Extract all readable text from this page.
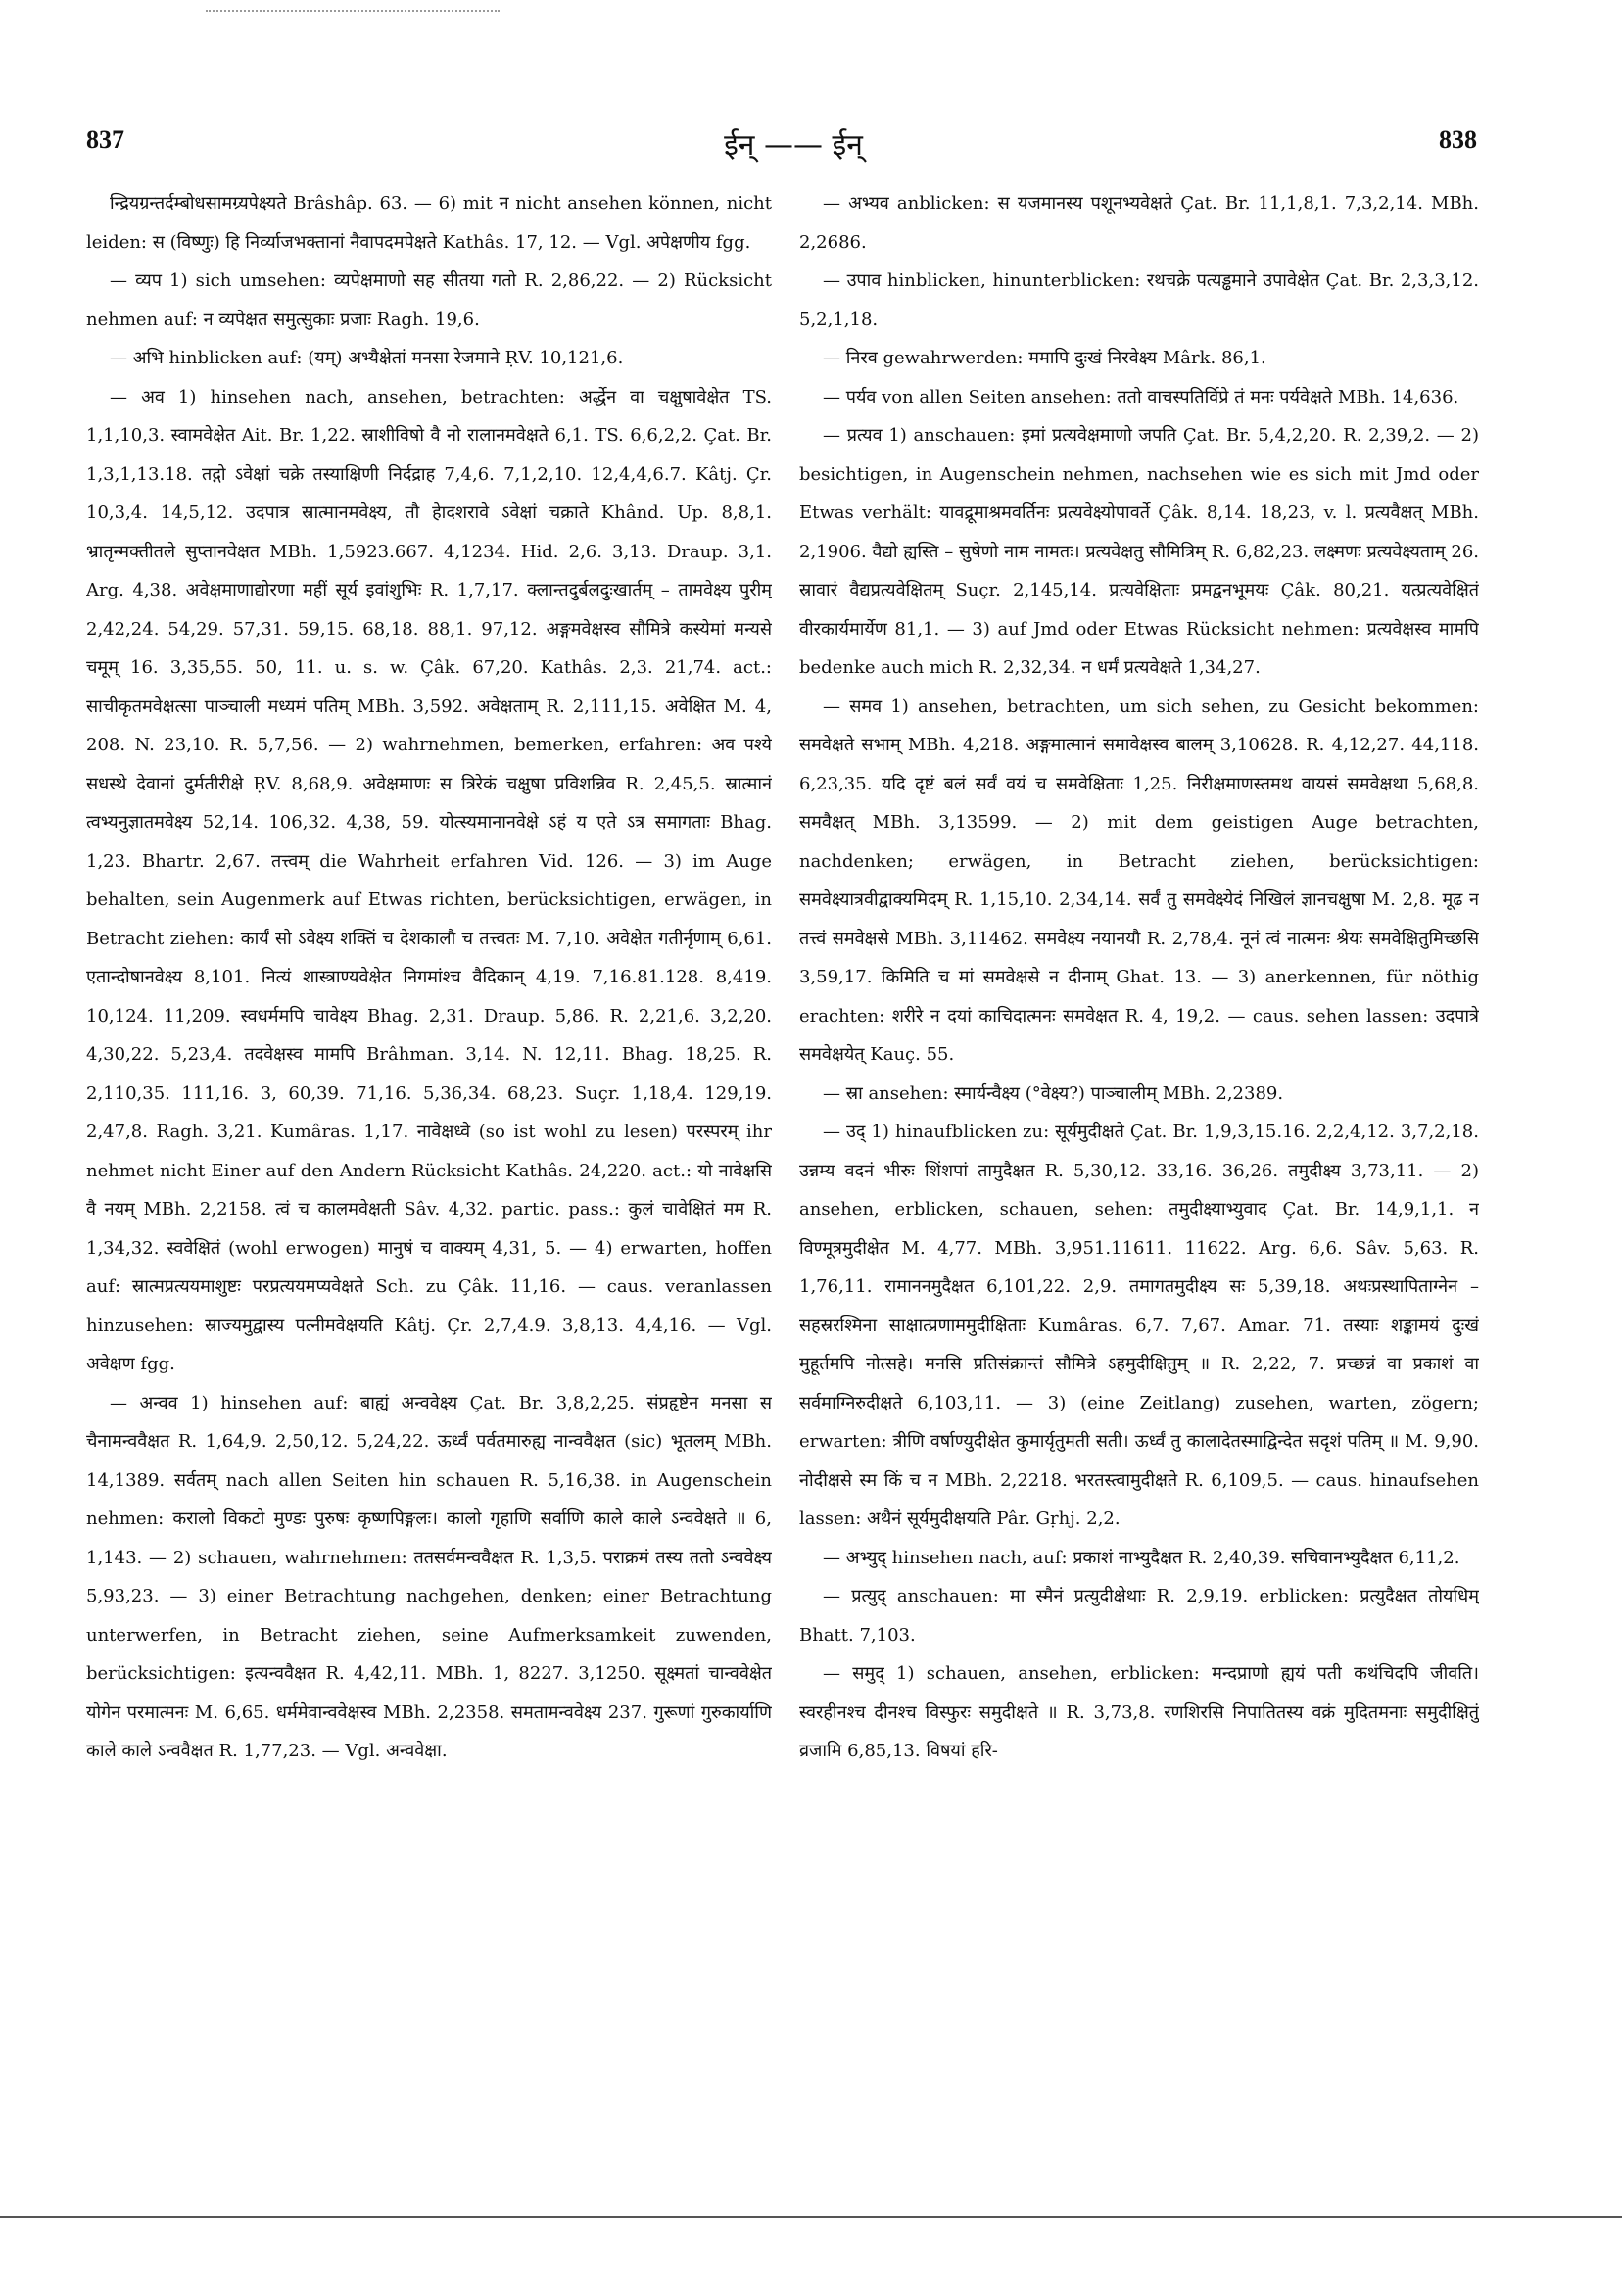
837	ईन् —— ईन्	838

न्द्रियग्रन्तर्दम्बोधसामग्र्यपेक्ष्यते Brâshâp. 63. — 6) mit न nicht ansehen können, nicht leiden: स (विष्णुः) हि निर्व्याजभक्तानां नैवापदमपेक्षते Kathâs. 17, 12. — Vgl. अपेक्षणीय fgg.

— व्यप 1) sich umsehen: व्यपेक्षमाणो सह सीतया गतो R. 2,86,22. — 2) Rücksicht nehmen auf: न व्यपेक्षत समुत्सुकाः प्रजाः Ragh. 19,6.

— अभि hinblicken auf: (यम्) अभ्यैक्षेतां मनसा रेजमाने ṚV. 10,121,6.

— अव 1) hinsehen nach, ansehen, betrachten: अर्द्धेन वा चक्षुषावेक्षेत TS. 1,1,10,3. स्वामवेक्षेत Ait. Br. 1,22. स्राशीविषो वै नो रालानमवेक्षते 6,1. TS. 6,6,2,2. Çat. Br. 1,3,1,13.18. तद्गो ऽवेक्षां चक्रे तस्याक्षिणी निर्दद्राह 7,4,6. 7,1,2,10. 12,4,4,6.7. Kâtj. Çr. 10,3,4. 14,5,12. उदपात्र स्रात्मानमवेक्ष्य, तौ हेादशरावे ऽवेक्षां चक्राते Khând. Up. 8,8,1. भ्रातृन्मक्तीतले सुप्तानवेक्षत MBh. 1,5923.667. 4,1234. Hid. 2,6. 3,13. Draup. 3,1. Arg. 4,38. अवेक्षमाणाद्योरणा महीं सूर्य इवांशुभिः R. 1,7,17. क्लान्तदुर्बलदुःखार्तम् – तामवेक्ष्य पुरीम् 2,42,24. 54,29. 57,31. 59,15. 68,18. 88,1. 97,12. अङ्गमवेक्षस्व सौमित्रे कस्येमां मन्यसे चमूम् 16. 3,35,55. 50, 11. u. s. w. Çâk. 67,20. Kathâs. 2,3. 21,74. act.: साचीकृतमवेक्षत्सा पाञ्चाली मध्यमं पतिम् MBh. 3,592. अवेक्षताम् R. 2,111,15. अवेक्षित M. 4, 208. N. 23,10. R. 5,7,56. — 2) wahrnehmen, bemerken, erfahren: अव पश्ये सधस्थे देवानां दुर्मतीरीक्षे ṚV. 8,68,9. अवेक्षमाणः स त्रिरेकं चक्षुषा प्रविशन्निव R. 2,45,5. स्रात्मानं त्वभ्यनुज्ञातमवेक्ष्य 52,14. 106,32. 4,38, 59. योत्स्यमानानवेक्षे ऽहं य एते ऽत्र समागताः Bhag. 1,23. Bhartr. 2,67. तत्त्वम् die Wahrheit erfahren Vid. 126. — 3) im Auge behalten, sein Augenmerk auf Etwas richten, berücksichtigen, erwägen, in Betracht ziehen: कार्यं सो ऽवेक्ष्य शक्तिं च देशकालौ च तत्त्वतः M. 7,10. अवेक्षेत गतीर्नृणाम् 6,61. एतान्दोषानवेक्ष्य 8,101. नित्यं शास्त्राण्यवेक्षेत निगमांश्च वैदिकान् 4,19. 7,16.81.128. 8,419. 10,124. 11,209. स्वधर्ममपि चावेक्ष्य Bhag. 2,31. Draup. 5,86. R. 2,21,6. 3,2,20. 4,30,22. 5,23,4. तदवेक्षस्व मामपि Brâhman. 3,14. N. 12,11. Bhag. 18,25. R. 2,110,35. 111,16. 3, 60,39. 71,16. 5,36,34. 68,23. Suçr. 1,18,4. 129,19. 2,47,8. Ragh. 3,21. Kumâras. 1,17. नावेक्षध्वे (so ist wohl zu lesen) परस्परम् ihr nehmet nicht Einer auf den Andern Rücksicht Kathâs. 24,220. act.: यो नावेक्षसि वै नयम् MBh. 2,2158. त्वं च कालमवेक्षती Sâv. 4,32. partic. pass.: कुलं चावेक्षितं मम R. 1,34,32. स्ववेक्षितं (wohl erwogen) मानुषं च वाक्यम् 4,31, 5. — 4) erwarten, hoffen auf: स्रात्मप्रत्ययमाशुष्टः परप्रत्ययमप्यवेक्षते Sch. zu Çâk. 11,16. — caus. veranlassen hinzusehen: स्राज्यमुद्वास्य पत्नीमवेक्षयति Kâtj. Çr. 2,7,4.9. 3,8,13. 4,4,16. — Vgl. अवेक्षण fgg.

— अन्वव 1) hinsehen auf: बाह्यं अन्ववेक्ष्य Çat. Br. 3,8,2,25. संप्रहृष्टेन मनसा स चैनामन्ववैक्षत R. 1,64,9. 2,50,12. 5,24,22. ऊर्ध्वं पर्वतमारुह्य नान्ववैक्षत (sic) भूतलम् MBh. 14,1389. सर्वतम् nach allen Seiten hin schauen R. 5,16,38. in Augenschein nehmen: करालो विकटो मुण्डः पुरुषः कृष्णपिङ्गलः। कालो गृहाणि सर्वाणि काले काले ऽन्ववेक्षते ॥ 6, 1,143. — 2) schauen, wahrnehmen: ततसर्वमन्ववैक्षत R. 1,3,5. पराक्रमं तस्य ततो ऽन्ववेक्ष्य 5,93,23. — 3) einer Betrachtung nachgehen, denken; einer Betrachtung unterwerfen, in Betracht ziehen, seine Aufmerksamkeit zuwenden, berücksichtigen: इत्यन्ववैक्षत R. 4,42,11. MBh. 1, 8227. 3,1250. सूक्ष्मतां चान्ववेक्षेत योगेन परमात्मनः M. 6,65. धर्ममेवान्ववेक्षस्व MBh. 2,2358. समतामन्ववेक्ष्य 237. गुरूणां गुरुकार्याणि काले काले ऽन्ववैक्षत R. 1,77,23. — Vgl. अन्ववेक्षा.

— अभ्यव anblicken: स यजमानस्य पशूनभ्यवेक्षते Çat. Br. 11,1,8,1. 7,3,2,14. MBh. 2,2686.

— उपाव hinblicken, hinunterblicken: रथचक्रे पत्यड्ढमाने उपावेक्षेत Çat. Br. 2,3,3,12. 5,2,1,18.

— निरव gewahrwerden: ममापि दुःखं निरवेक्ष्य Mârk. 86,1.

— पर्यव von allen Seiten ansehen: ततो वाचस्पतिर्विप्रे तं मनः पर्यवेक्षते MBh. 14,636.

— प्रत्यव 1) anschauen: इमां प्रत्यवेक्षमाणो जपति Çat. Br. 5,4,2,20. R. 2,39,2. — 2) besichtigen, in Augenschein nehmen, nachsehen wie es sich mit Jmd oder Etwas verhält: यावद्रूमाश्रमवर्तिनः प्रत्यवेक्ष्योपावर्ते Çâk. 8,14. 18,23, v. l. प्रत्यवैक्षत् MBh. 2,1906. वैद्यो ह्यस्ति – सुषेणो नाम नामतः। प्रत्यवेक्षतु सौमित्रिम् R. 6,82,23. लक्ष्मणः प्रत्यवेक्ष्यताम् 26. स्रावारं वैद्यप्रत्यवेक्षितम् Suçr. 2,145,14. प्रत्यवेक्षिताः प्रमद्वनभूमयः Çâk. 80,21. यत्प्रत्यवेक्षितं वीरकार्यमार्येण 81,1. — 3) auf Jmd oder Etwas Rücksicht nehmen: प्रत्यवेक्षस्व मामपि bedenke auch mich R. 2,32,34. न धर्मं प्रत्यवेक्षते 1,34,27.

— समव 1) ansehen, betrachten, um sich sehen, zu Gesicht bekommen: समवेक्षते सभाम् MBh. 4,218. अङ्गमात्मानं समावेक्षस्व बालम् 3,10628. R. 4,12,27. 44,118. 6,23,35. यदि दृष्टं बलं सर्वं वयं च समवेक्षिताः 1,25. निरीक्षमाणस्तमथ वायसं समवेक्षथा 5,68,8. समवैक्षत् MBh. 3,13599. — 2) mit dem geistigen Auge betrachten, nachdenken; erwägen, in Betracht ziehen, berücksichtigen: समवेक्ष्यात्रवीद्वाक्यमिदम् R. 1,15,10. 2,34,14. सर्वं तु समवेक्ष्येदं निखिलं ज्ञानचक्षुषा M. 2,8. मूढ न तत्त्वं समवेक्षसे MBh. 3,11462. समवेक्ष्य नयानयौ R. 2,78,4. नूनं त्वं नात्मनः श्रेयः समवेक्षितुमिच्छसि 3,59,17. किमिति च मां समवेक्षसे न दीनाम् Ghat. 13. — 3) anerkennen, für nöthig erachten: शरीरे न दयां काचिदात्मनः समवेक्षत R. 4, 19,2. — caus. sehen lassen: उदपात्रे समवेक्षयेत् Kauç. 55.

— स्रा ansehen: स्मार्यन्वैक्ष्य (°वेक्ष्य?) पाञ्चालीम् MBh. 2,2389.

— उद् 1) hinaufblicken zu: सूर्यमुदीक्षते Çat. Br. 1,9,3,15.16. 2,2,4,12. 3,7,2,18. उन्नम्य वदनं भीरुः शिंशपां तामुदैक्षत R. 5,30,12. 33,16. 36,26. तमुदीक्ष्य 3,73,11. — 2) ansehen, erblicken, schauen, sehen: तमुदीक्ष्याभ्युवाद Çat. Br. 14,9,1,1. न विण्मूत्रमुदीक्षेत M. 4,77. MBh. 3,951.11611. 11622. Arg. 6,6. Sâv. 5,63. R. 1,76,11. रामाननमुदैक्षत 6,101,22. 2,9. तमागतमुदीक्ष्य सः 5,39,18. अथःप्रस्थापिताग्नेन – सहस्ररश्मिना साक्षात्प्रणाममुदीक्षिताः Kumâras. 6,7. 7,67. Amar. 71. तस्याः शङ्कामयं दुःखं मुहूर्तमपि नोत्सहे। मनसि प्रतिसंक्रान्तं सौमित्रे ऽहमुदीक्षितुम् ॥ R. 2,22, 7. प्रच्छन्नं वा प्रकाशं वा सर्वमाग्निरुदीक्षते 6,103,11. — 3) (eine Zeitlang) zusehen, warten, zögern; erwarten: त्रीणि वर्षाण्युदीक्षेत कुमार्यृतुमती सती। ऊर्ध्वं तु कालादेतस्माद्विन्देत सदृशं पतिम् ॥ M. 9,90. नोदीक्षसे स्म किं च न MBh. 2,2218. भरतस्त्वामुदीक्षते R. 6,109,5. — caus. hinaufsehen lassen: अथैनं सूर्यमुदीक्षयति Pâr. Gṛhj. 2,2.

— अभ्युद् hinsehen nach, auf: प्रकाशं नाभ्युदैक्षत R. 2,40,39. सचिवानभ्युदैक्षत 6,11,2.

— प्रत्युद् anschauen: मा स्मैनं प्रत्युदीक्षेथाः R. 2,9,19. erblicken: प्रत्युदैक्षत तोयधिम् Bhatt. 7,103.

— समुद् 1) schauen, ansehen, erblicken: मन्दप्राणो ह्ययं पती कथंचिदपि जीवति। स्वरहीनश्च दीनश्च विस्फुरः समुदीक्षते ॥ R. 3,73,8. रणशिरसि निपातितस्य वक्रं मुदितमनाः समुदीक्षितुं व्रजामि 6,85,13. विषयां हरि-
